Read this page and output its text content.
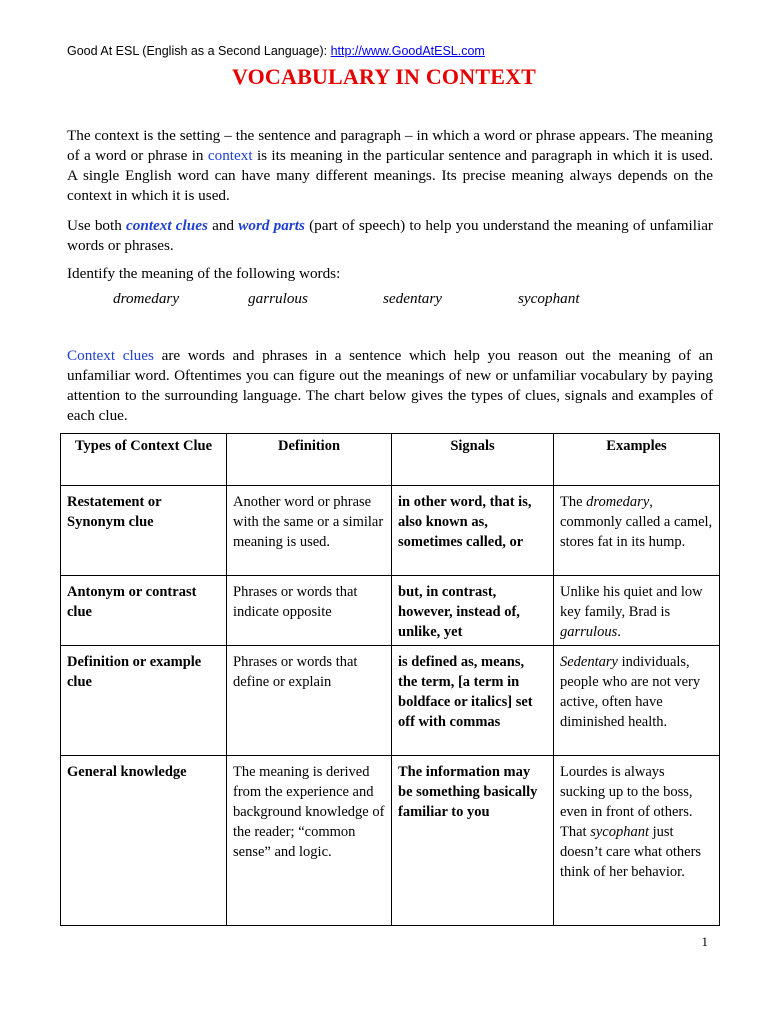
Good At ESL (English as a Second Language): http://www.GoodAtESL.com
VOCABULARY IN CONTEXT
The context is the setting – the sentence and paragraph – in which a word or phrase appears. The meaning of a word or phrase in context is its meaning in the particular sentence and paragraph in which it is used. A single English word can have many different meanings. Its precise meaning always depends on the context in which it is used.
Use both context clues and word parts (part of speech) to help you understand the meaning of unfamiliar words or phrases.
Identify the meaning of the following words:
dromedary	garrulous	sedentary	sycophant
Context clues are words and phrases in a sentence which help you reason out the meaning of an unfamiliar word. Oftentimes you can figure out the meanings of new or unfamiliar vocabulary by paying attention to the surrounding language. The chart below gives the types of clues, signals and examples of each clue.
Types of Context Clue	Definition	Signals	Examples
Restatement or Synonym clue	Another word or phrase with the same or a similar meaning is used.	in other word, that is, also known as, sometimes called, or	The dromedary, commonly called a camel, stores fat in its hump.
Antonym or contrast clue	Phrases or words that indicate opposite	but, in contrast, however, instead of, unlike, yet	Unlike his quiet and low key family, Brad is garrulous.
Definition or example clue	Phrases or words that define or explain	is defined as, means, the term, [a term in boldface or italics] set off with commas	Sedentary individuals, people who are not very active, often have diminished health.
General knowledge	The meaning is derived from the experience and background knowledge of the reader; “common sense” and logic.	The information may be something basically familiar to you	Lourdes is always sucking up to the boss, even in front of others. That sycophant just doesn’t care what others think of her behavior.
1
